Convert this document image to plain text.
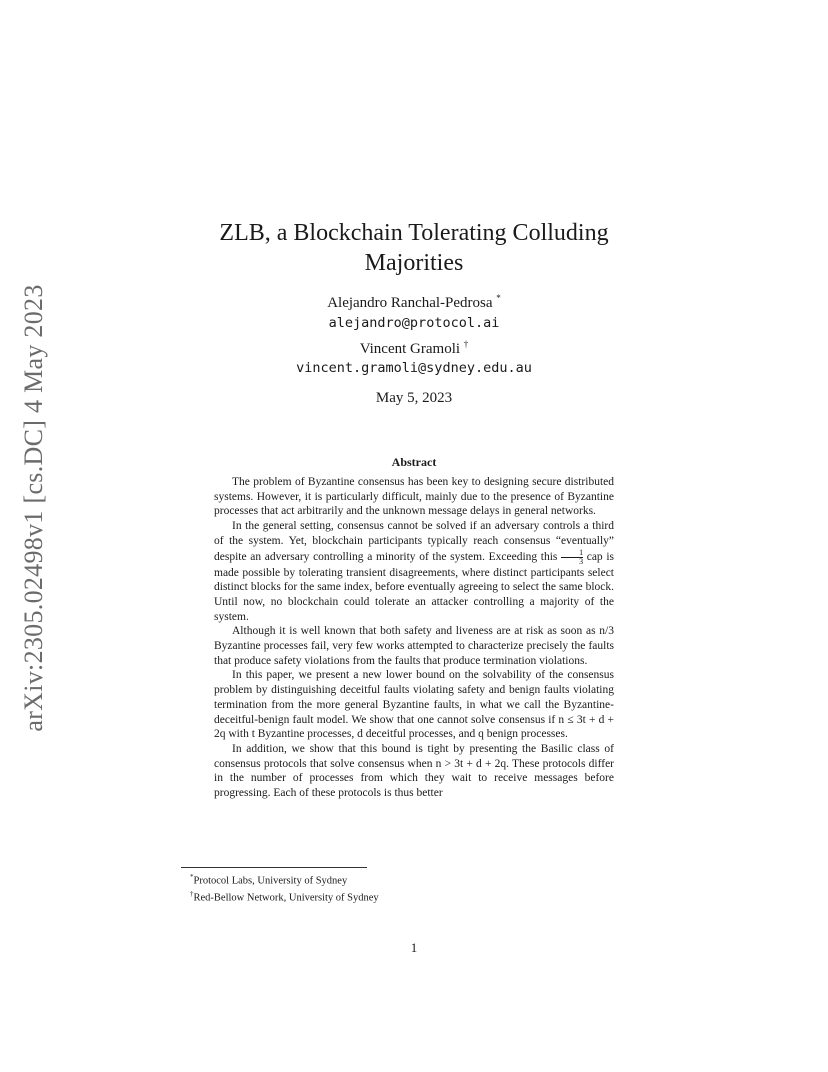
arXiv:2305.02498v1 [cs.DC] 4 May 2023
ZLB, a Blockchain Tolerating Colluding Majorities
Alejandro Ranchal-Pedrosa *
alejandro@protocol.ai
Vincent Gramoli †
vincent.gramoli@sydney.edu.au
May 5, 2023
Abstract

The problem of Byzantine consensus has been key to designing secure distributed systems. However, it is particularly difficult, mainly due to the presence of Byzantine processes that act arbitrarily and the unknown message delays in general networks.

In the general setting, consensus cannot be solved if an adversary controls a third of the system. Yet, blockchain participants typically reach consensus “eventually” despite an adversary controlling a minority of the system. Exceeding this $\frac{1}{3}$ cap is made possible by tolerating transient disagreements, where distinct participants select distinct blocks for the same index, before eventually agreeing to select the same block. Until now, no blockchain could tolerate an attacker controlling a majority of the system.

Although it is well known that both safety and liveness are at risk as soon as n/3 Byzantine processes fail, very few works attempted to characterize precisely the faults that produce safety violations from the faults that produce termination violations.

In this paper, we present a new lower bound on the solvability of the consensus problem by distinguishing deceitful faults violating safety and benign faults violating termination from the more general Byzantine faults, in what we call the Byzantine-deceitful-benign fault model. We show that one cannot solve consensus if n ≤ 3t + d + 2q with t Byzantine processes, d deceitful processes, and q benign processes.

In addition, we show that this bound is tight by presenting the Basilic class of consensus protocols that solve consensus when n > 3t + d + 2q. These protocols differ in the number of processes from which they wait to receive messages before progressing. Each of these protocols is thus better

*Protocol Labs, University of Sydney
†Red-Bellow Network, University of Sydney
1
